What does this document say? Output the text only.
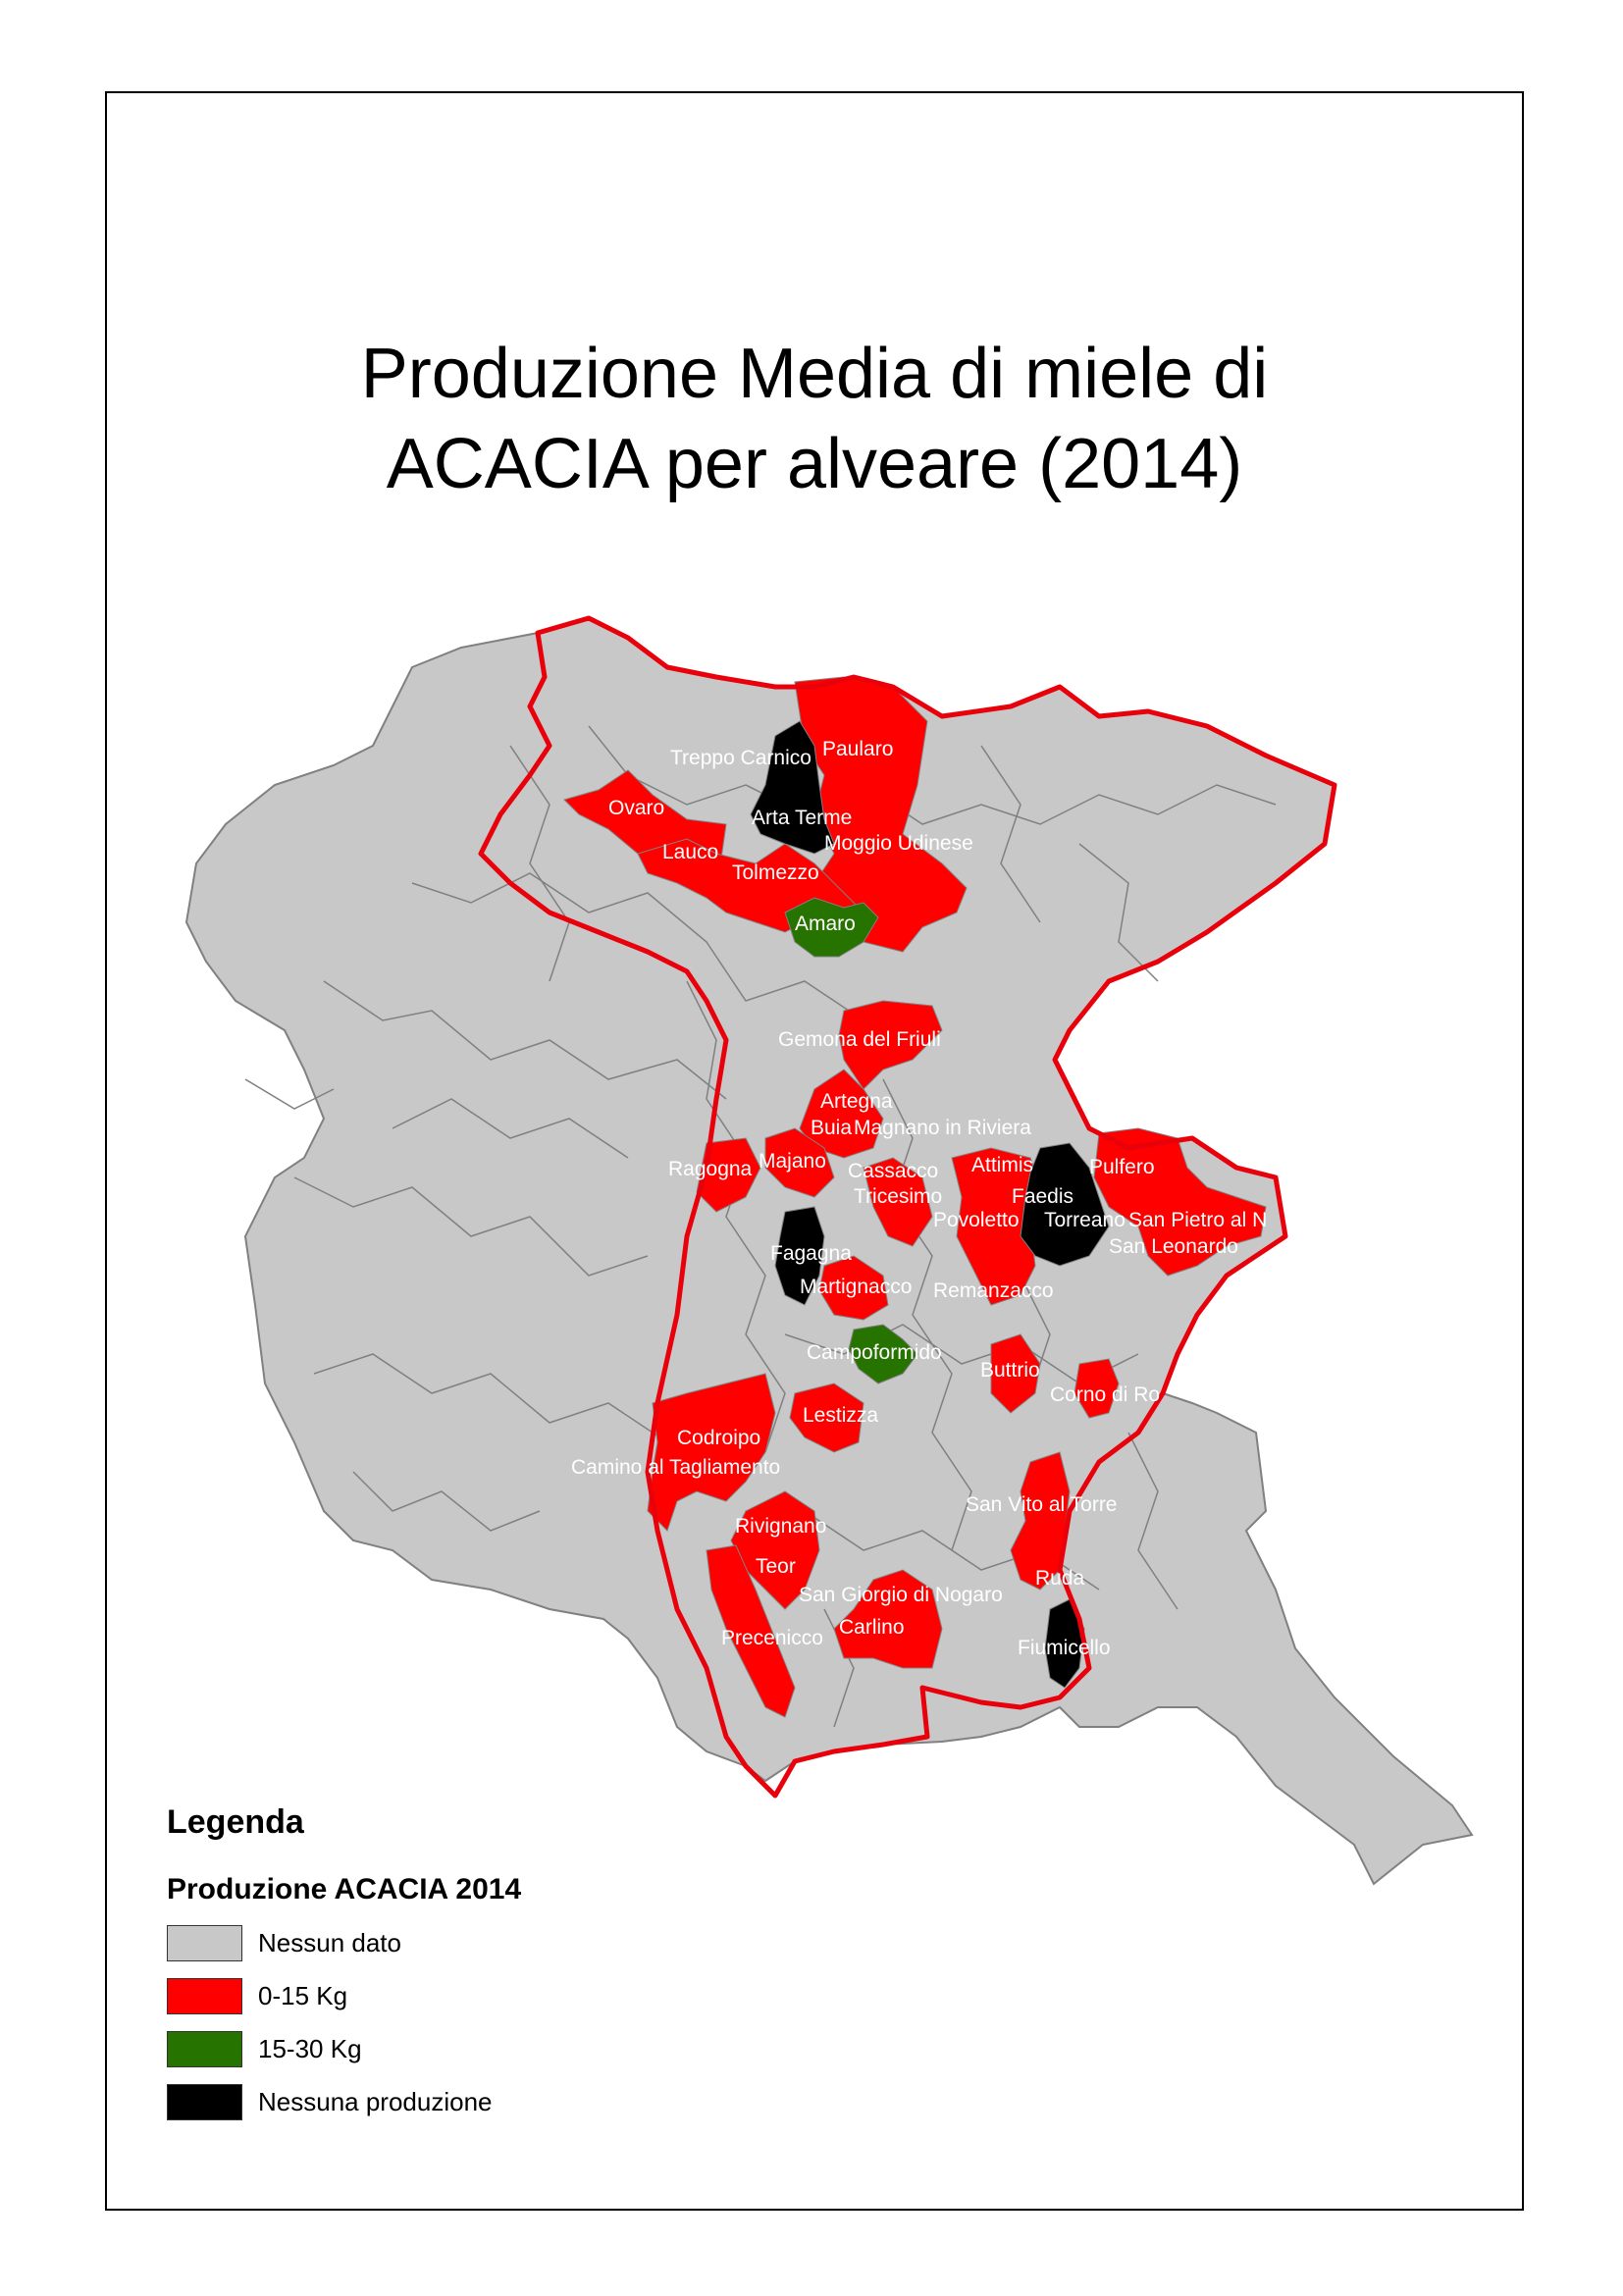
Produzione Media di miele di
ACACIA per alveare (2014)
Treppo Carnico Paularo
Ovaro	Arta Terme
Lauco	Moggio Udinese
Tolmezzo
Amaro
Gemona del Friuli
Artegna
Buia Magnano in Riviera
Ragogna Majano Cassacco
Tricesimo
Attimis	Pulfero
Faedis
Povoletto Torreano San Pietro al N
San Leonardo
Fagagna
Martignacco Remanzacco
Campoformido
Buttrio
Corno di Ro
Lestizza
Codroipo
Camino al Tagliamento
San Vito al Torre
Rivignano
Teor
San Giorgio di Nogaro
Ruda
Carlino
Precenicco	Fiumicello
Legenda
Produzione ACACIA 2014
Nessun dato
0-15 Kg
15-30 Kg
Nessuna produzione
